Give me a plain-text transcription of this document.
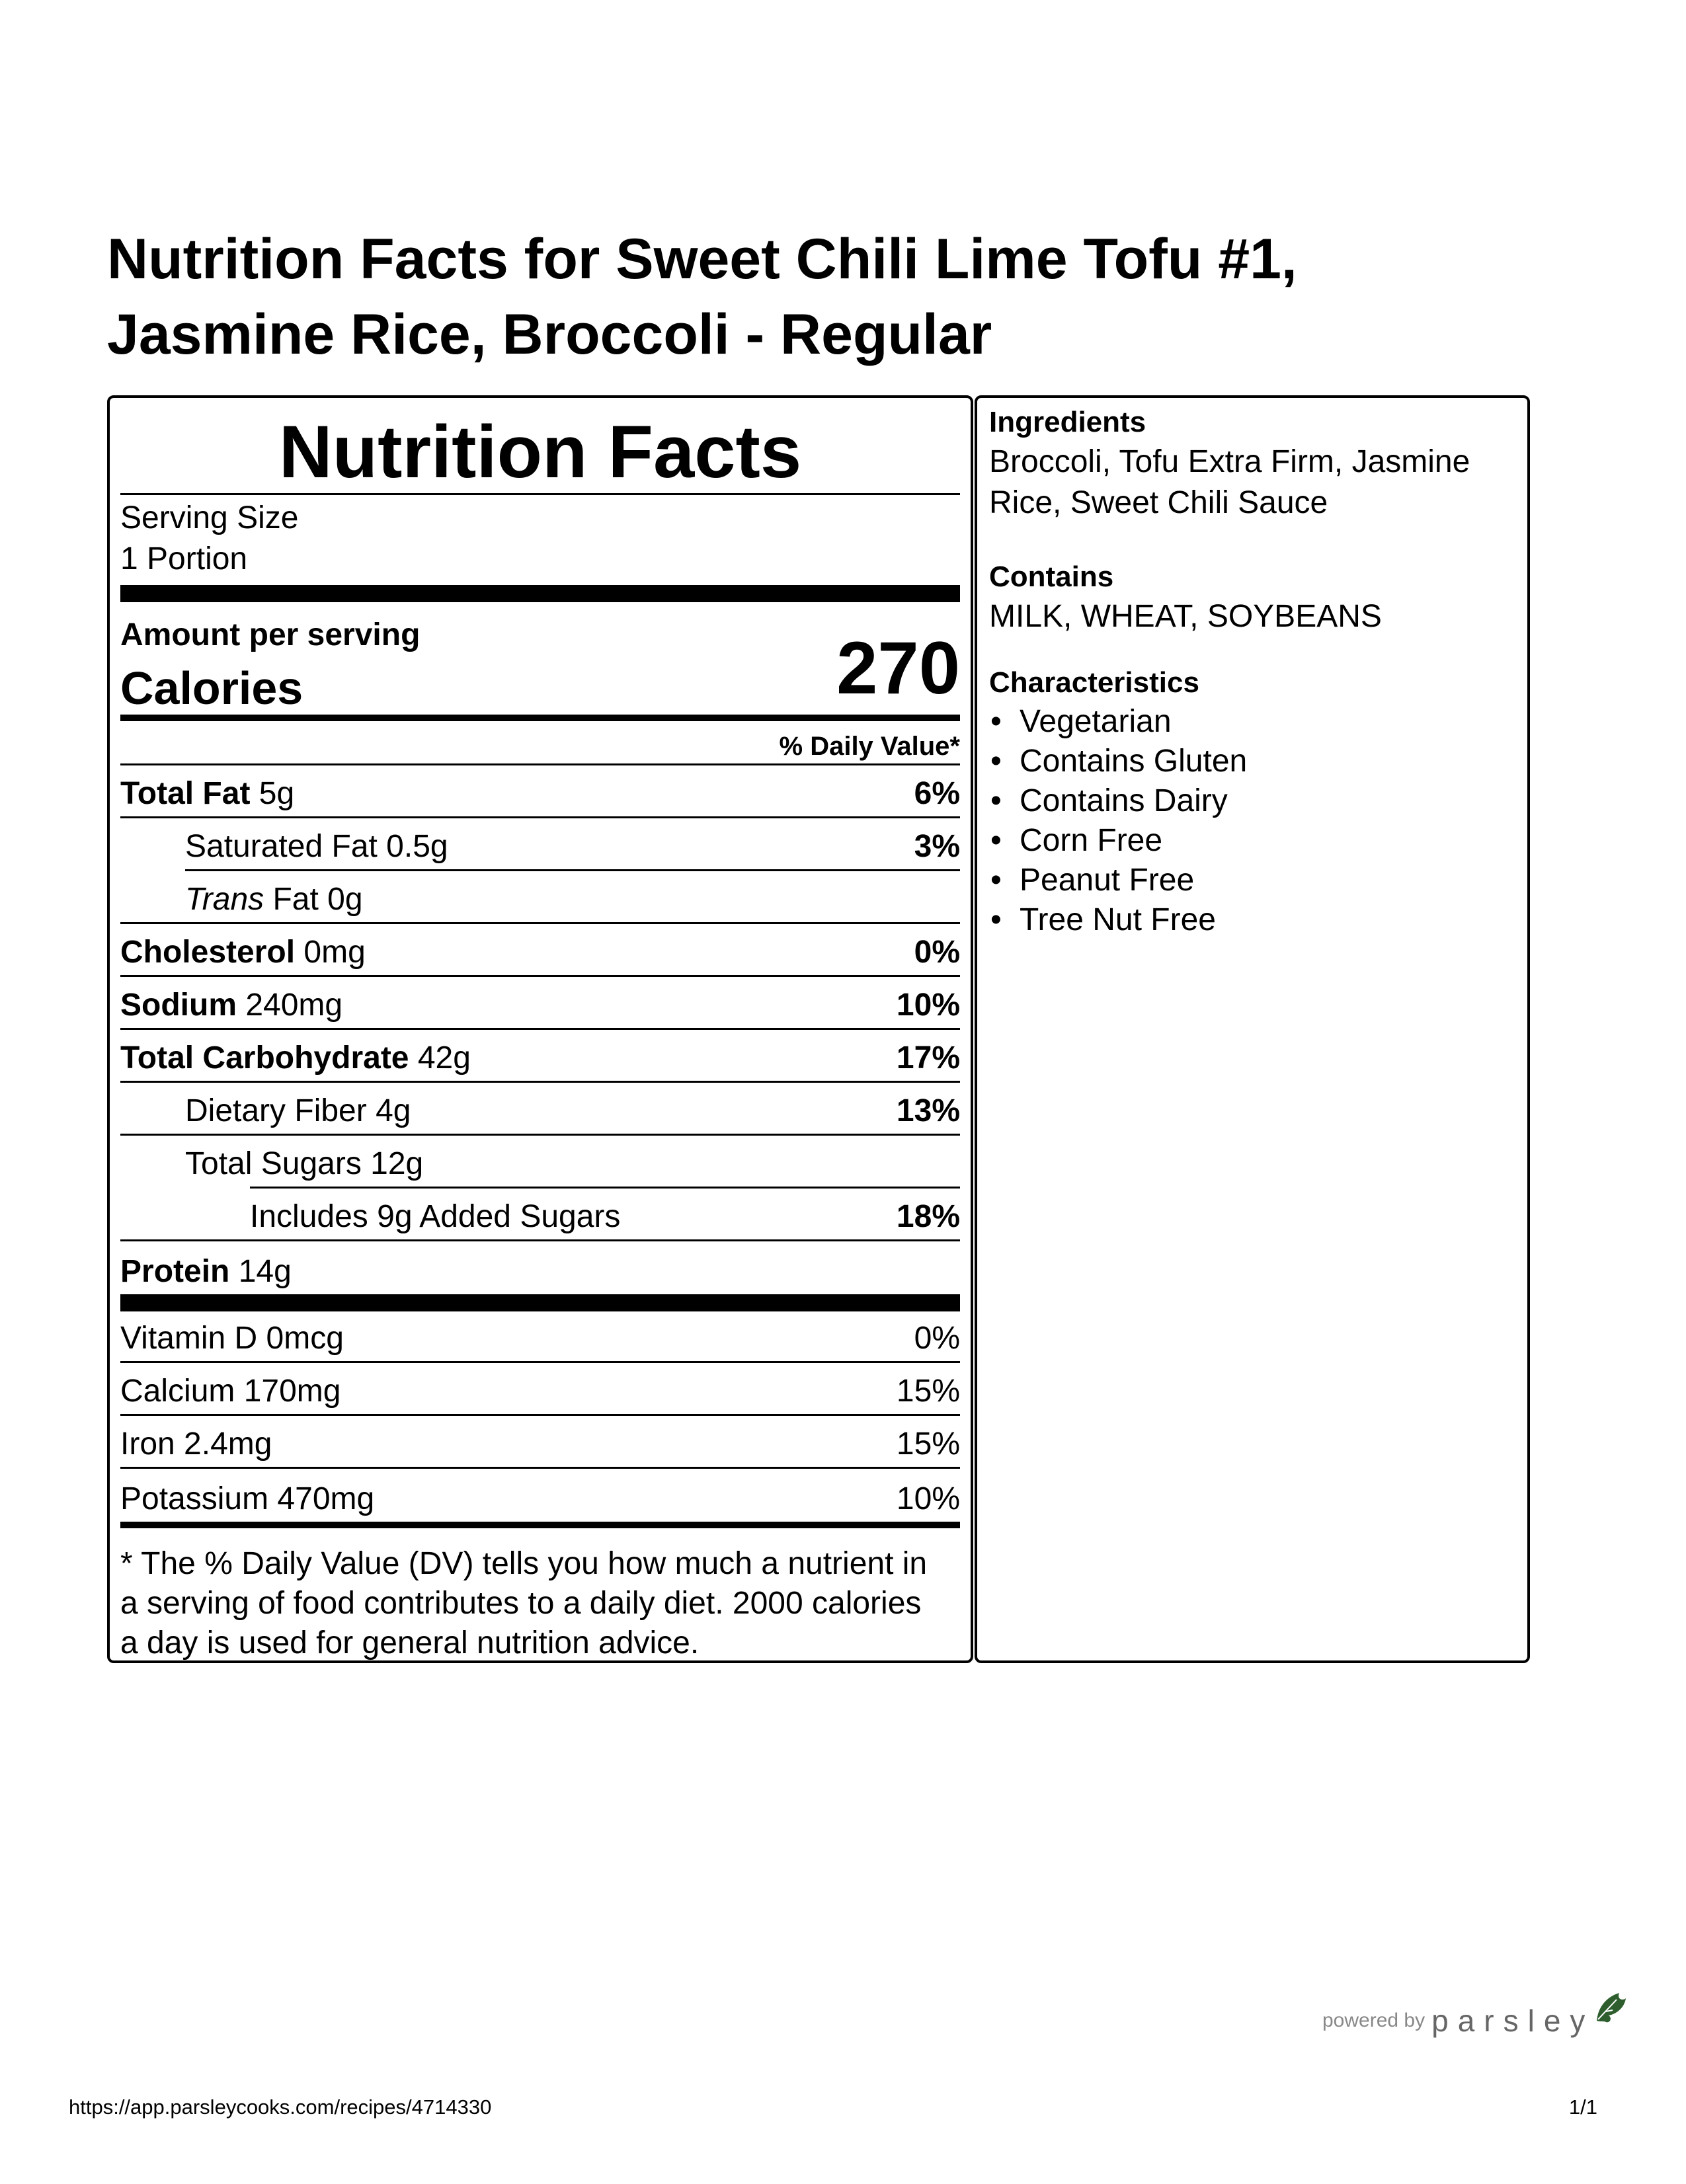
Nutrition Facts for Sweet Chili Lime Tofu #1,
Jasmine Rice, Broccoli - Regular
Nutrition Facts
Serving Size
1 Portion
Amount per serving
Calories	270
% Daily Value*
Total Fat 5g	6%
Saturated Fat 0.5g	3%
Trans Fat 0g
Cholesterol 0mg	0%
Sodium 240mg	10%
Total Carbohydrate 42g	17%
Dietary Fiber 4g	13%
Total Sugars 12g
Includes 9g Added Sugars	18%
Protein 14g
Vitamin D 0mcg	0%
Calcium 170mg	15%
Iron 2.4mg	15%
Potassium 470mg	10%
* The % Daily Value (DV) tells you how much a nutrient in
a serving of food contributes to a daily diet. 2000 calories
a day is used for general nutrition advice.
Ingredients
Broccoli, Tofu Extra Firm, Jasmine
Rice, Sweet Chili Sauce
Contains
MILK, WHEAT, SOYBEANS
Characteristics
• Vegetarian
• Contains Gluten
• Contains Dairy
• Corn Free
• Peanut Free
• Tree Nut Free
powered by parsley
https://app.parsleycooks.com/recipes/4714330	1/1
